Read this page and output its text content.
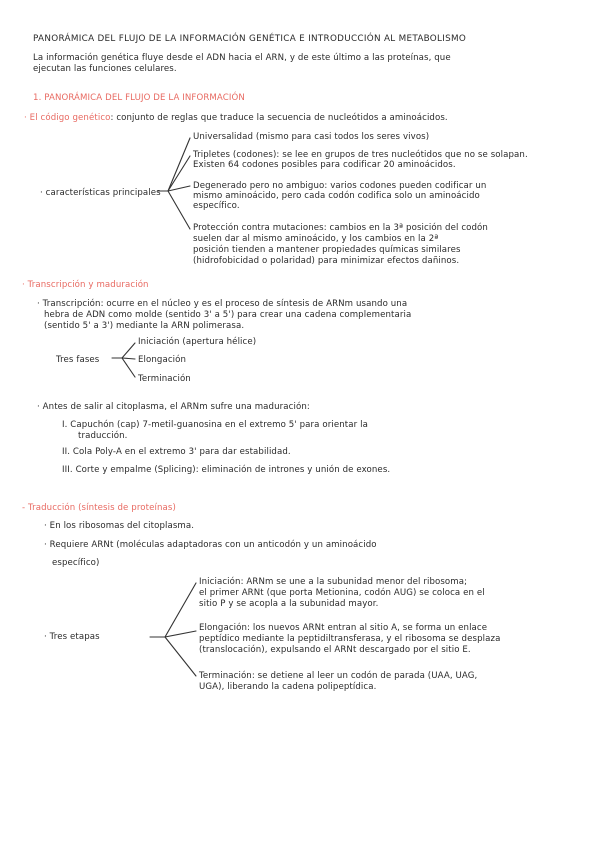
PANORÁMICA DEL FLUJO DE LA INFORMACIÓN GENÉTICA E INTRODUCCIÓN AL METABOLISMO
La información genética fluye desde el ADN hacia el ARN, y de este último a las proteínas, que
ejecutan las funciones celulares.
1. PANORÁMICA DEL FLUJO DE LA INFORMACIÓN
· El código genético: conjunto de reglas que traduce la secuencia de nucleótidos a aminoácidos.
· características principales
Universalidad (mismo para casi todos los seres vivos)
Tripletes (codones): se lee en grupos de tres nucleótidos que no se solapan.
Existen 64 codones posibles para codificar 20 aminoácidos.
Degenerado pero no ambiguo: varios codones pueden codificar un
mismo aminoácido, pero cada codón codifica solo un aminoácido
específico.
Protección contra mutaciones: cambios en la 3ª posición del codón
suelen dar al mismo aminoácido, y los cambios en la 2ª
posición tienden a mantener propiedades químicas similares
(hidrofobicidad o polaridad) para minimizar efectos dañinos.
· Transcripción y maduración
· Transcripción: ocurre en el núcleo y es el proceso de síntesis de ARNm usando una
hebra de ADN como molde (sentido 3' a 5') para crear una cadena complementaria
(sentido 5' a 3') mediante la ARN polimerasa.
Tres fases
Iniciación (apertura hélice)
Elongación
Terminación
· Antes de salir al citoplasma, el ARNm sufre una maduración:
I. Capuchón (cap) 7-metil-guanosina en el extremo 5' para orientar la
traducción.
II. Cola Poly-A en el extremo 3' para dar estabilidad.
III. Corte y empalme (Splicing): eliminación de intrones y unión de exones.
- Traducción (síntesis de proteínas)
· En los ribosomas del citoplasma.
· Requiere ARNt (moléculas adaptadoras con un anticodón y un aminoácido
específico)
· Tres etapas
Iniciación: ARNm se une a la subunidad menor del ribosoma;
el primer ARNt (que porta Metionina, codón AUG) se coloca en el
sitio P y se acopla a la subunidad mayor.
Elongación: los nuevos ARNt entran al sitio A, se forma un enlace
peptídico mediante la peptidiltransferasa, y el ribosoma se desplaza
(translocación), expulsando el ARNt descargado por el sitio E.
Terminación: se detiene al leer un codón de parada (UAA, UAG,
UGA), liberando la cadena polipeptídica.
